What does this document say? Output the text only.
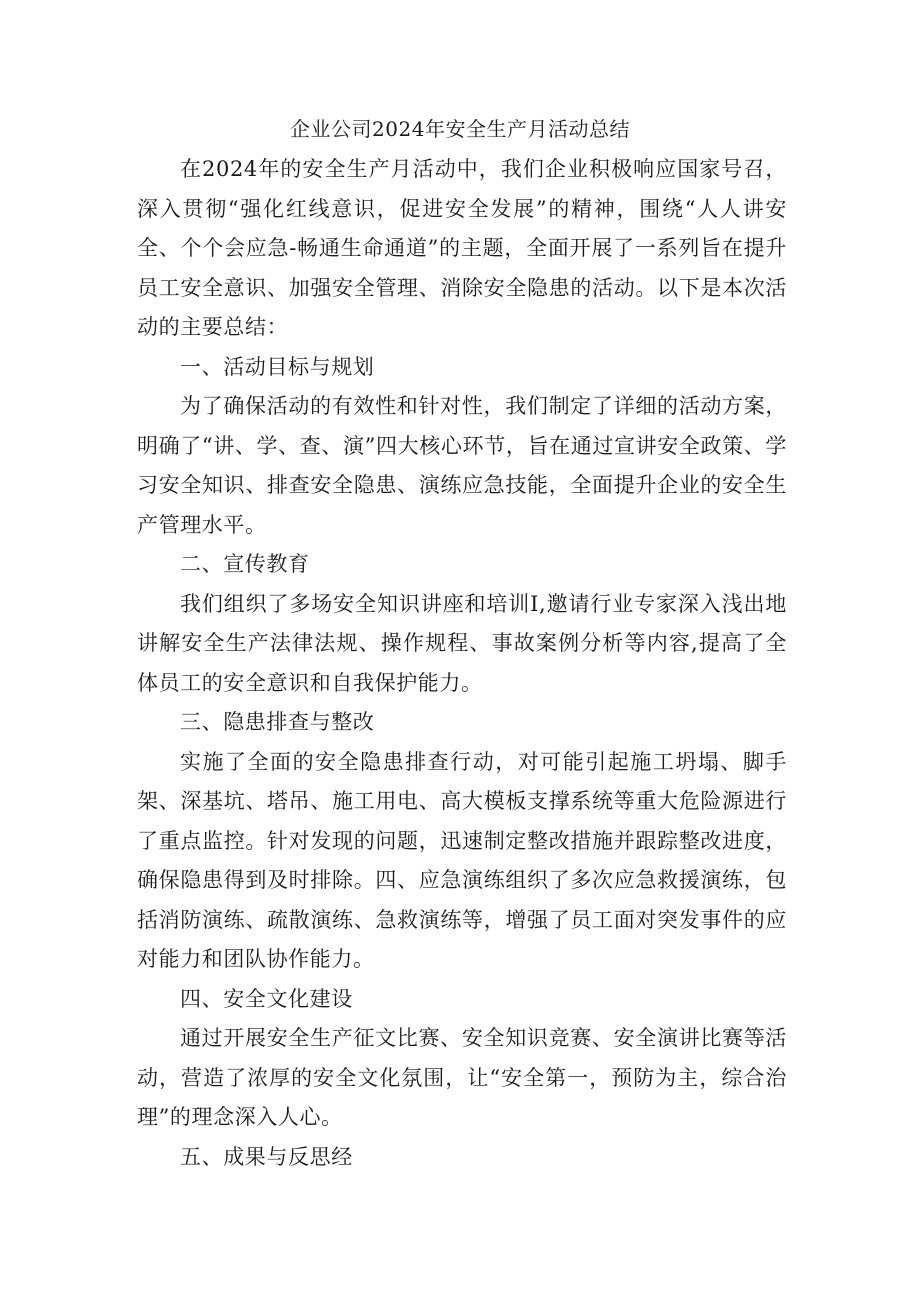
企业公司2024年安全生产月活动总结

在2024年的安全生产月活动中，我们企业积极响应国家号召，深入贯彻“强化红线意识，促进安全发展”的精神，围绕“人人讲安全、个个会应急-畅通生命通道”的主题，全面开展了一系列旨在提升员工安全意识、加强安全管理、消除安全隐患的活动。以下是本次活动的主要总结：

一、活动目标与规划

为了确保活动的有效性和针对性，我们制定了详细的活动方案，明确了“讲、学、查、演”四大核心环节，旨在通过宣讲安全政策、学习安全知识、排查安全隐患、演练应急技能，全面提升企业的安全生产管理水平。

二、宣传教育

我们组织了多场安全知识讲座和培训I,邀请行业专家深入浅出地讲解安全生产法律法规、操作规程、事故案例分析等内容,提高了全体员工的安全意识和自我保护能力。

三、隐患排查与整改

实施了全面的安全隐患排查行动，对可能引起施工坍塌、脚手架、深基坑、塔吊、施工用电、高大模板支撑系统等重大危险源进行了重点监控。针对发现的问题，迅速制定整改措施并跟踪整改进度，确保隐患得到及时排除。四、应急演练组织了多次应急救援演练，包括消防演练、疏散演练、急救演练等，增强了员工面对突发事件的应对能力和团队协作能力。

四、安全文化建设

通过开展安全生产征文比赛、安全知识竞赛、安全演讲比赛等活动，营造了浓厚的安全文化氛围，让“安全第一，预防为主，综合治理”的理念深入人心。

五、成果与反思经
